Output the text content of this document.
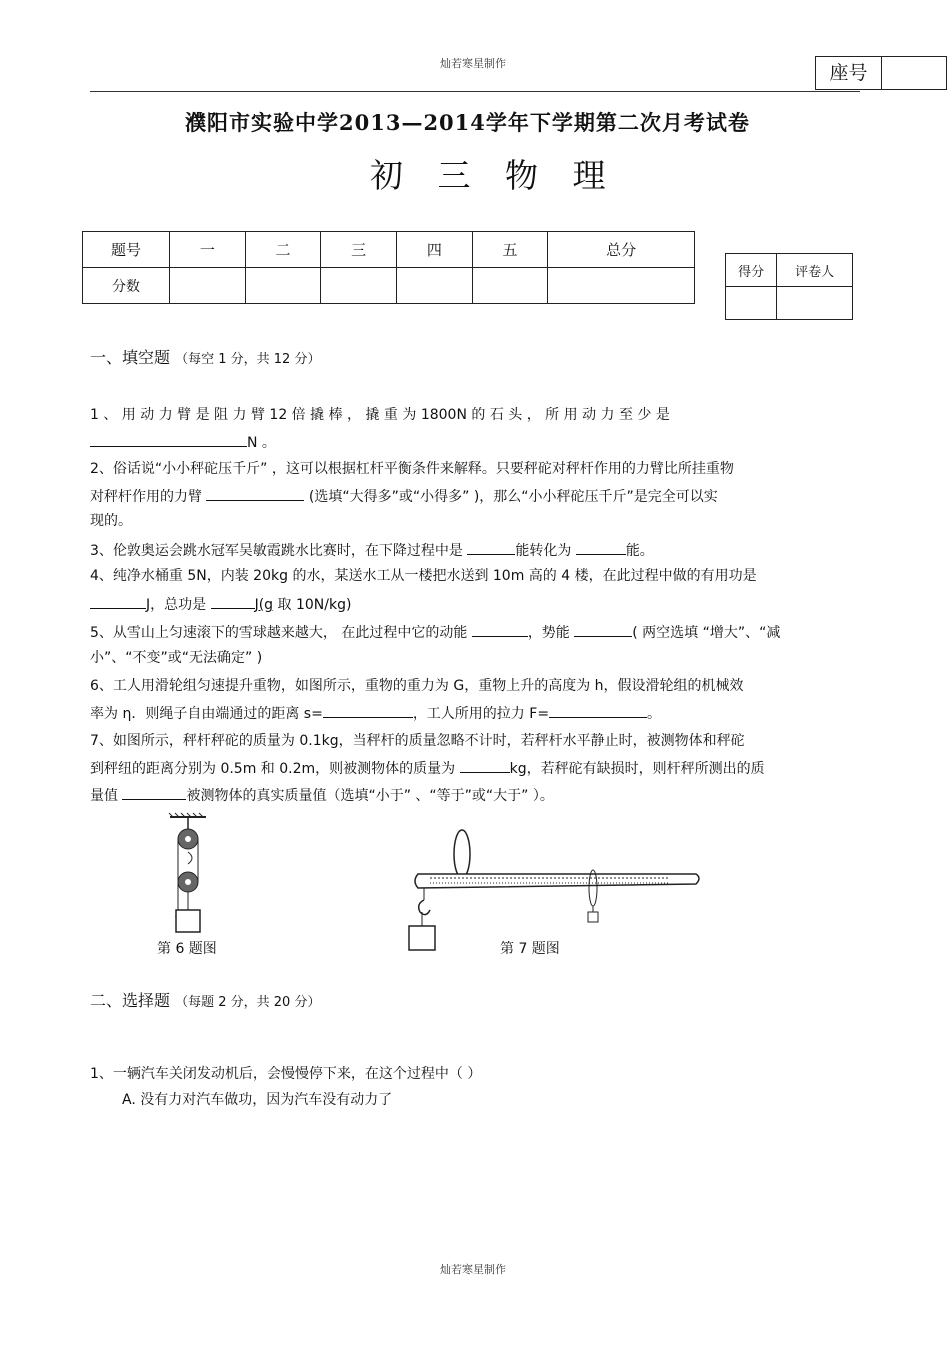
灿若寒星制作	座号
濮阳市实验中学2013—2014学年下学期第二次月考试卷
初 三 物 理
题号	一	二	三	四	五	总分
分数						
得分	评卷人

一、填空题 （每空 1 分，共 12 分）
1 、 用 动 力 臂 是 阻 力 臂 12 倍 撬 棒 ， 撬 重 为 1800N 的 石 头 ， 所 用 动 力 至 少 是
N 。
2、俗话说“小小秤砣压千斤” ，这可以根据杠杆平衡条件来解释。只要秤砣对秤杆作用的力臂比所挂重物
对秤杆作用的力臂	(选填“大得多”或“小得多” )，那么“小小秤砣压千斤”是完全可以实
现的。
3、伦敦奥运会跳水冠军吴敏霞跳水比赛时，在下降过程中是	能转化为	能。
4、纯净水桶重 5N，内装 20kg 的水，某送水工从一楼把水送到 10m 高的 4 楼，在此过程中做的有用功是
J，总功是	J(g 取 10N/kg)
5、从雪山上匀速滚下的雪球越来越大， 在此过程中它的动能	，势能	( 两空选填 “增大”、“减
小”、“不变”或“无法确定” )
6、工人用滑轮组匀速提升重物，如图所示，重物的重力为 G，重物上升的高度为 h，假设滑轮组的机械效
率为 η．则绳子自由端通过的距离 s=	，工人所用的拉力 F=	。
7、如图所示，秤杆秤砣的质量为 0.1kg，当秤杆的质量忽略不计时，若秤杆水平静止时，被测物体和秤砣
到秤纽的距离分别为 0.5m 和 0.2m，则被测物体的质量为	kg，若秤砣有缺损时，则杆秤所测出的质
量值	被测物体的真实质量值（选填“小于” 、“等于”或“大于” ）。
第 6 题图	第 7 题图
二、选择题 （每题 2 分，共 20 分）
1、一辆汽车关闭发动机后，会慢慢停下来，在这个过程中（ ）
A. 没有力对汽车做功，因为汽车没有动力了
灿若寒星制作
